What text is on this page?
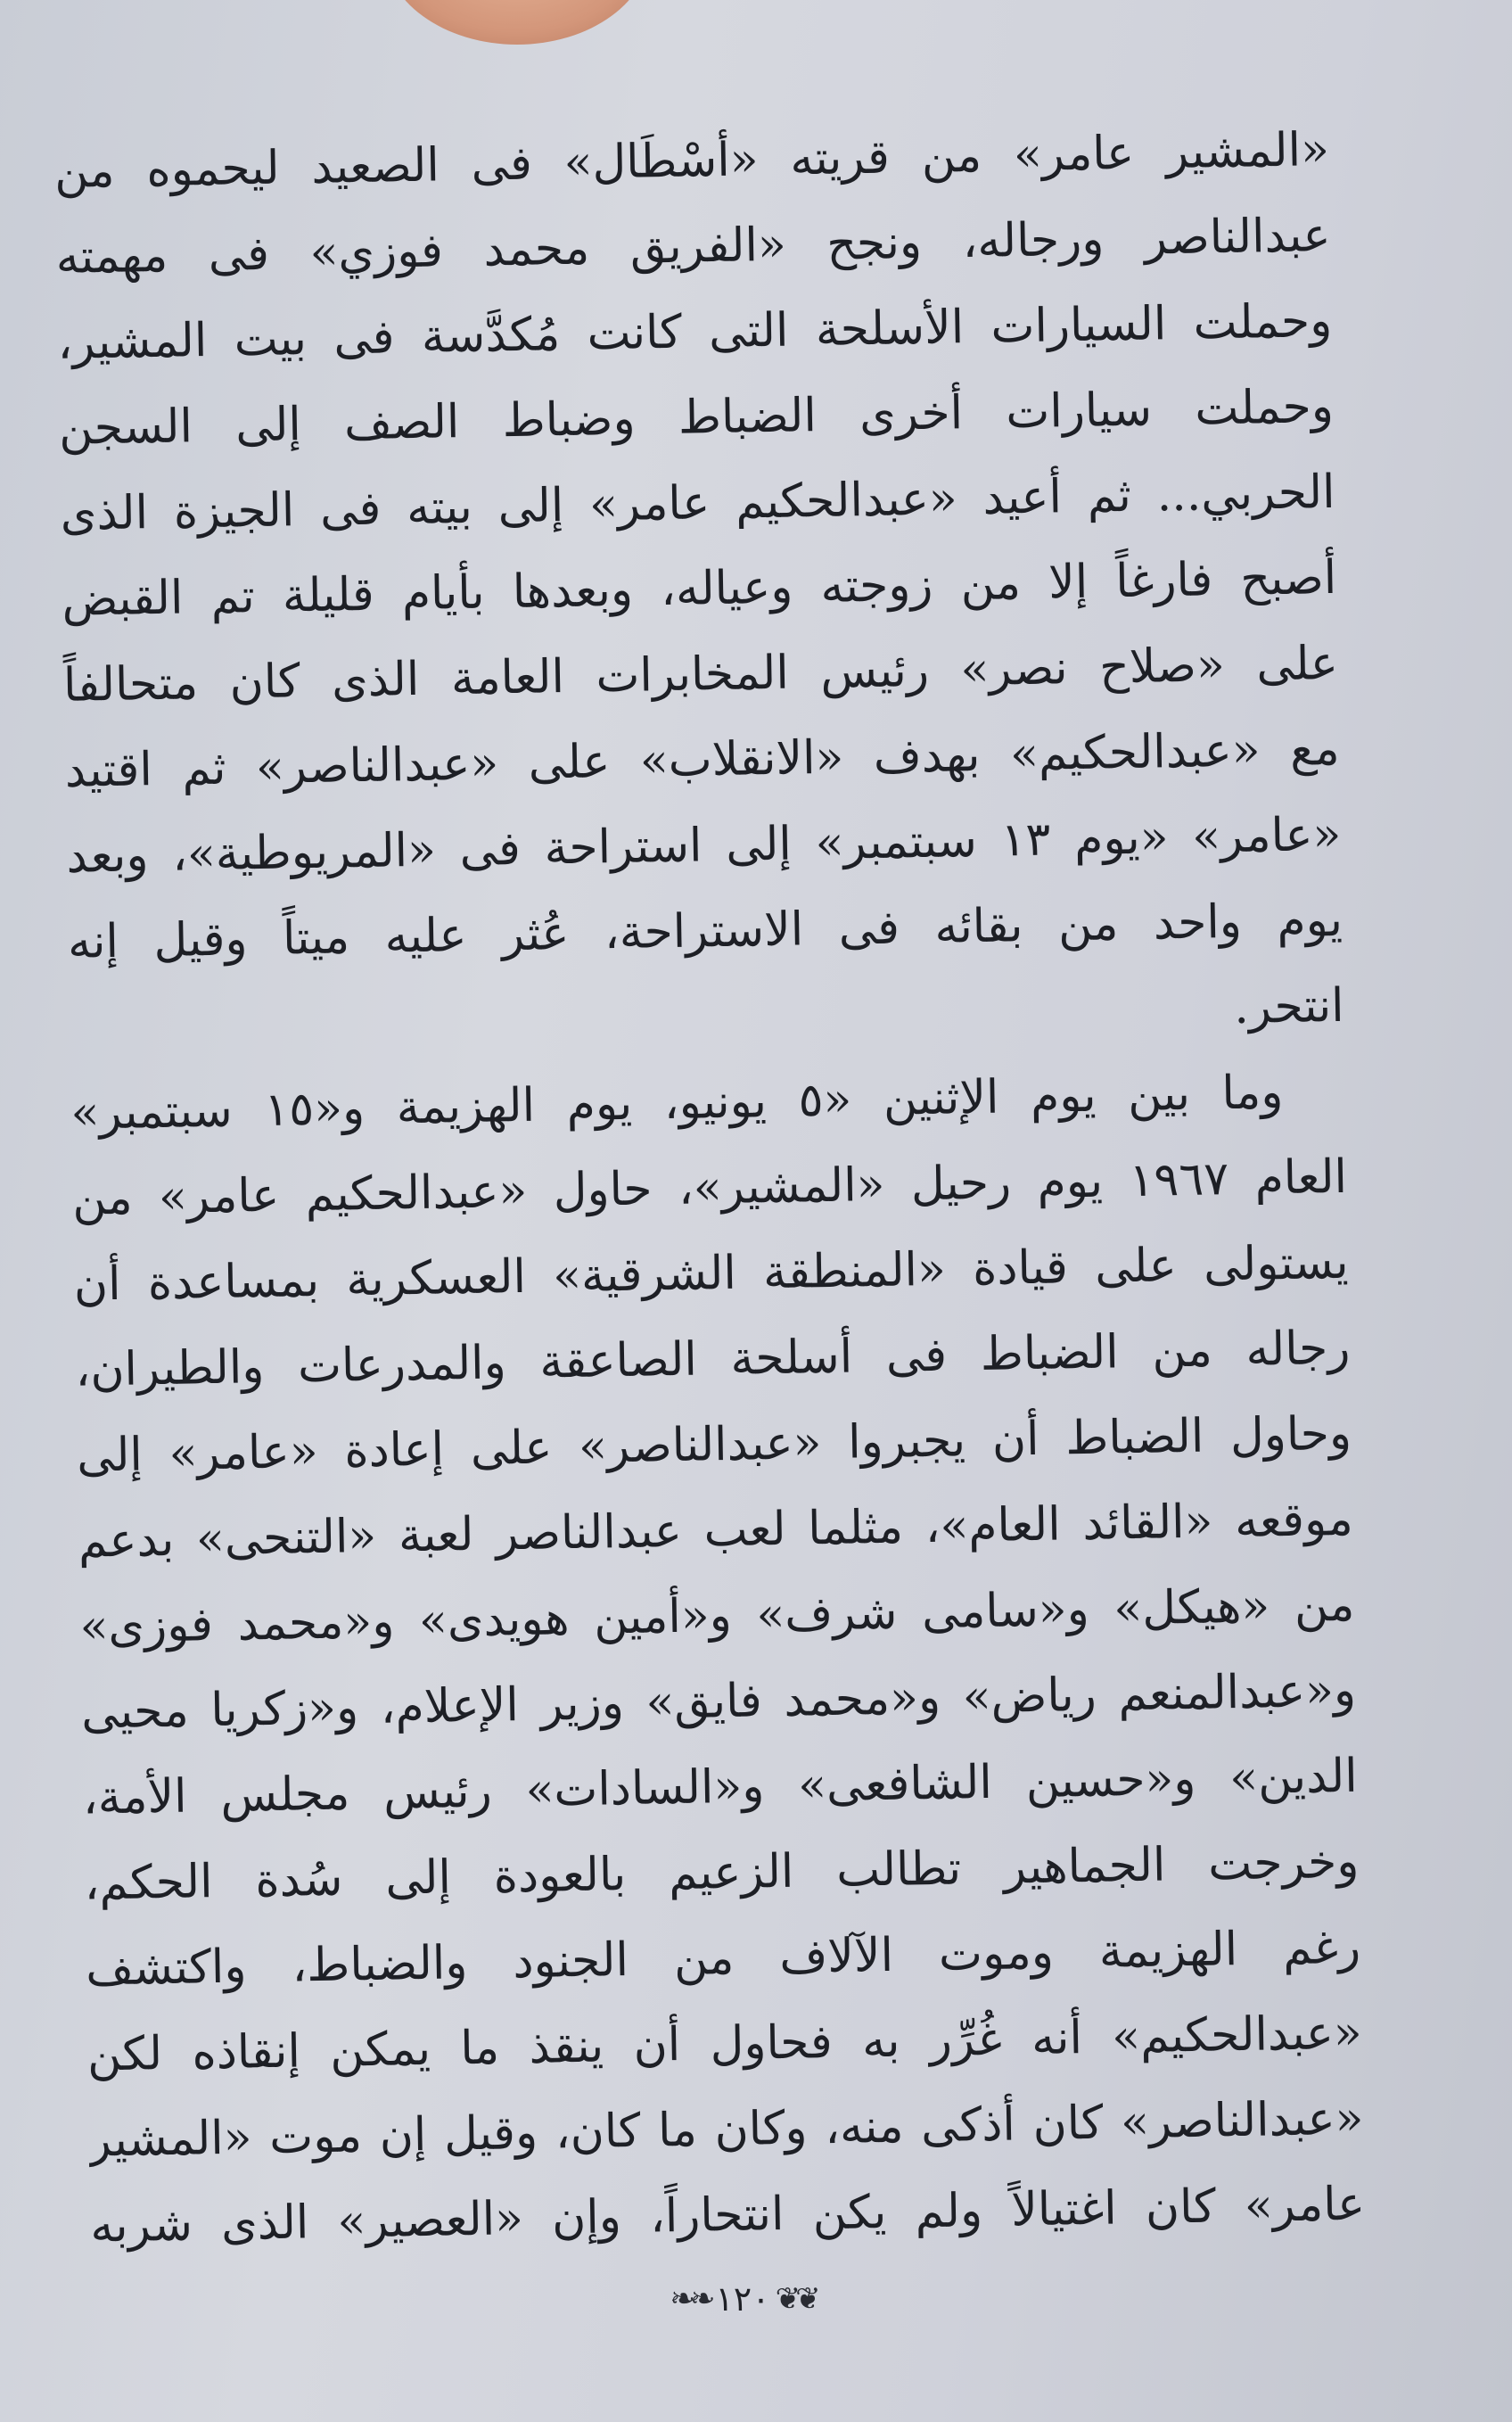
«المشير عامر» من قريته «أسْطَال» فى الصعيد ليحموه من
عبدالناصر ورجاله، ونجح «الفريق محمد فوزي» فى مهمته
وحملت السيارات الأسلحة التى كانت مُكدَّسة فى بيت المشير،
وحملت سيارات أخرى الضباط وضباط الصف إلى السجن
الحربي... ثم أعيد «عبدالحكيم عامر» إلى بيته فى الجيزة الذى
أصبح فارغاً إلا من زوجته وعياله، وبعدها بأيام قليلة تم القبض
على «صلاح نصر» رئيس المخابرات العامة الذى كان متحالفاً
مع «عبدالحكيم» بهدف «الانقلاب» على «عبدالناصر» ثم اقتيد
«عامر» «يوم ١٣ سبتمبر» إلى استراحة فى «المريوطية»، وبعد
يوم واحد من بقائه فى الاستراحة، عُثر عليه ميتاً وقيل إنه
انتحر.
وما بين يوم الإثنين «٥ يونيو، يوم الهزيمة و«١٥ سبتمبر»
العام ١٩٦٧ يوم رحيل «المشير»، حاول «عبدالحكيم عامر» من
يستولى على قيادة «المنطقة الشرقية» العسكرية بمساعدة أن
رجاله من الضباط فى أسلحة الصاعقة والمدرعات والطيران،
وحاول الضباط أن يجبروا «عبدالناصر» على إعادة «عامر» إلى
موقعه «القائد العام»، مثلما لعب عبدالناصر لعبة «التنحى» بدعم
من «هيكل» و«سامى شرف» و«أمين هويدى» و«محمد فوزى»
و«عبدالمنعم رياض» و«محمد فايق» وزير الإعلام، و«زكريا محيى
الدين» و«حسين الشافعى» و«السادات» رئيس مجلس الأمة،
وخرجت الجماهير تطالب الزعيم بالعودة إلى سُدة الحكم،
رغم الهزيمة وموت الآلاف من الجنود والضباط، واكتشف
«عبدالحكيم» أنه غُرِّر به فحاول أن ينقذ ما يمكن إنقاذه لكن
«عبدالناصر» كان أذكى منه، وكان ما كان، وقيل إن موت «المشير
عامر» كان اغتيالاً ولم يكن انتحاراً، وإن «العصير» الذى شربه
❦❦
١٢٠
❧❧
